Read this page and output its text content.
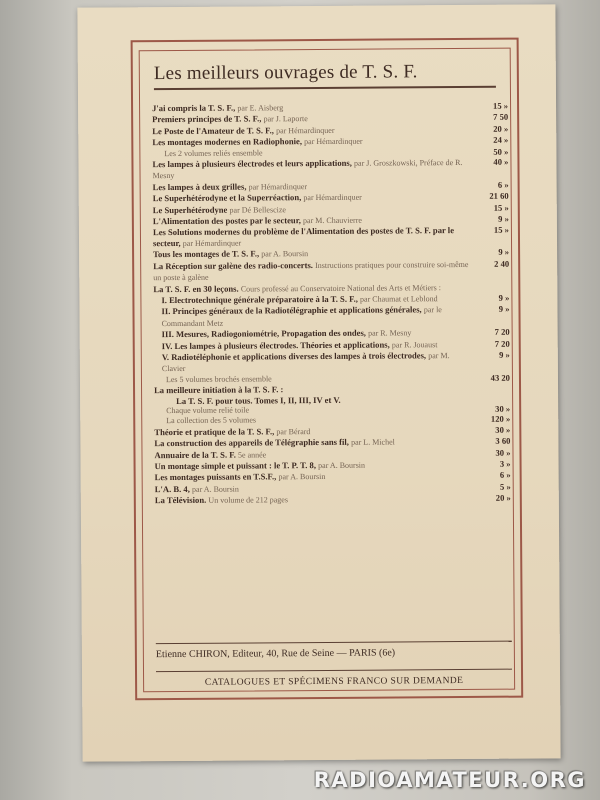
Les meilleurs ouvrages de T. S. F.
J'ai compris la T. S. F., par E. Aisberg	15 »
Premiers principes de T. S. F., par J. Laporte	7 50
Le Poste de l'Amateur de T. S. F., par Hémardinquer	20 »
Les montages modernes en Radiophonie, par Hémardinquer	24 »
Les 2 volumes reliés ensemble	50 »
Les lampes à plusieurs électrodes et leurs applications, par J. Groszkowski, Préface de R. Mesny
40 »
Les lampes à deux grilles, par Hémardinquer	6 »
Le Superhétérodyne et la Superréaction, par Hémardinquer	21 60
Le Superhétérodyne par Dé Bellescize	15 »
L'Alimentation des postes par le secteur, par M. Chauvierre	9 »
Les Solutions modernes du problème de l'Alimentation des postes de T. S. F. par le secteur, par Hémardinquer
15 »
Tous les montages de T. S. F., par A. Boursin	9 »
La Réception sur galène des radio-concerts. Instructions pratiques pour construire soi-même un poste à galène
2 40
La T. S. F. en 30 leçons. Cours professé au Conservatoire National des Arts et Métiers :
I. Electrotechnique générale préparatoire à la T. S. F., par Chaumat et Leblond	9 »
II. Principes généraux de la Radiotélégraphie et applications générales, par le Commandant Metz
9 »
III. Mesures, Radiogoniométrie, Propagation des ondes, par R. Mesny	7 20
IV. Les lampes à plusieurs électrodes. Théories et applications, par R. Jouaust	7 20
V. Radiotéléphonie et applications diverses des lampes à trois électrodes, par M. Clavier
9 »
Les 5 volumes brochés ensemble	43 20
La meilleure initiation à la T. S. F. :
La T. S. F. pour tous. Tomes I, II, III, IV et V.
Chaque volume relié toile	30 »
La collection des 5 volumes	120 »
Théorie et pratique de la T. S. F., par Bérard	30 »
La construction des appareils de Télégraphie sans fil, par L. Michel	3 60
Annuaire de la T. S. F. 5e année	30 »
Un montage simple et puissant : le T. P. T. 8, par A. Boursin	3 »
Les montages puissants en T.S.F., par A. Boursin	6 »
L'A. B. 4, par A. Boursin	5 »
La Télévision. Un volume de 212 pages	20 »
Etienne CHIRON, Editeur, 40, Rue de Seine — PARIS (6e)
CATALOGUES ET SPÉCIMENS FRANCO SUR DEMANDE
RADIOAMATEUR.ORG
